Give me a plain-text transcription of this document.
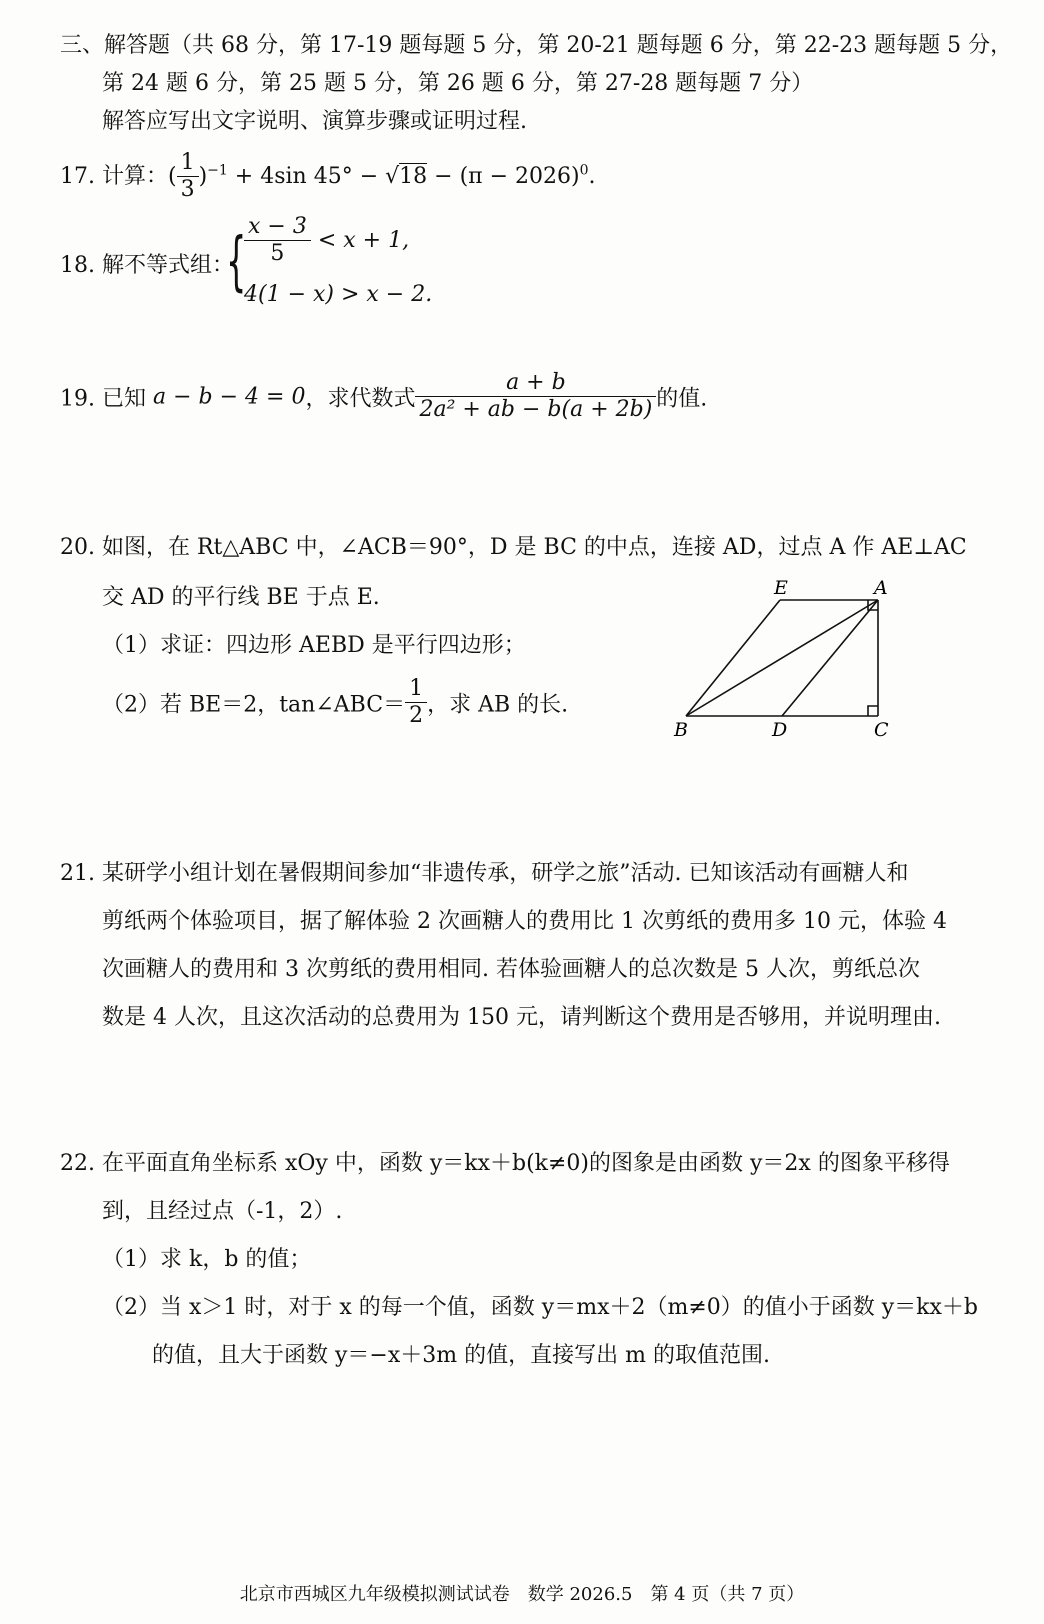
三、解答题（共 68 分，第 17-19 题每题 5 分，第 20-21 题每题 6 分，第 22-23 题每题 5 分，
第 24 题 6 分，第 25 题 5 分，第 26 题 6 分，第 27-28 题每题 7 分）
解答应写出文字说明、演算步骤或证明过程.
17. 计算：( $\frac{1}{3} )^{-1} + 4\sin$ $45^\circ - √18 - (\pi - 2026)^0$.
18. 解不等式组：
{
$\frac{x - 3}{5} < x + 1$,
4(1 − x) > x − 2.
19. 已知 a − b − 4 = 0，求代数式 $\frac{a + b}{\text{2a² + ab − b(a + 2b)}}$ 的值.
20. 如图，在 Rt△ABC 中，∠ACB＝90°，D 是 BC 的中点，连接 AD，过点 A 作 AE⊥AC
交 AD 的平行线 BE 于点 E.
（1）求证：四边形 AEBD 是平行四边形；
（2）若 BE＝2，tan∠ABC＝ $\frac{1}{2}$ ，求 AB 的长.
E	A
B	D	C
21. 某研学小组计划在暑假期间参加“非遗传承，研学之旅”活动. 已知该活动有画糖人和
剪纸两个体验项目，据了解体验 2 次画糖人的费用比 1 次剪纸的费用多 10 元，体验 4
次画糖人的费用和 3 次剪纸的费用相同. 若体验画糖人的总次数是 5 人次，剪纸总次
数是 4 人次，且这次活动的总费用为 150 元，请判断这个费用是否够用，并说明理由.
22. 在平面直角坐标系 xOy 中，函数 y＝kx＋b(k≠0)的图象是由函数 y＝2x 的图象平移得
到，且经过点（-1，2）.
（1）求 k，b 的值；
（2）当 x＞1 时，对于 x 的每一个值，函数 y＝mx＋2（m≠0）的值小于函数 y＝kx＋b
的值，且大于函数 y＝−x＋3m 的值，直接写出 m 的取值范围.
北京市西城区九年级模拟测试试卷　数学 2026.5　第 4 页（共 7 页）
